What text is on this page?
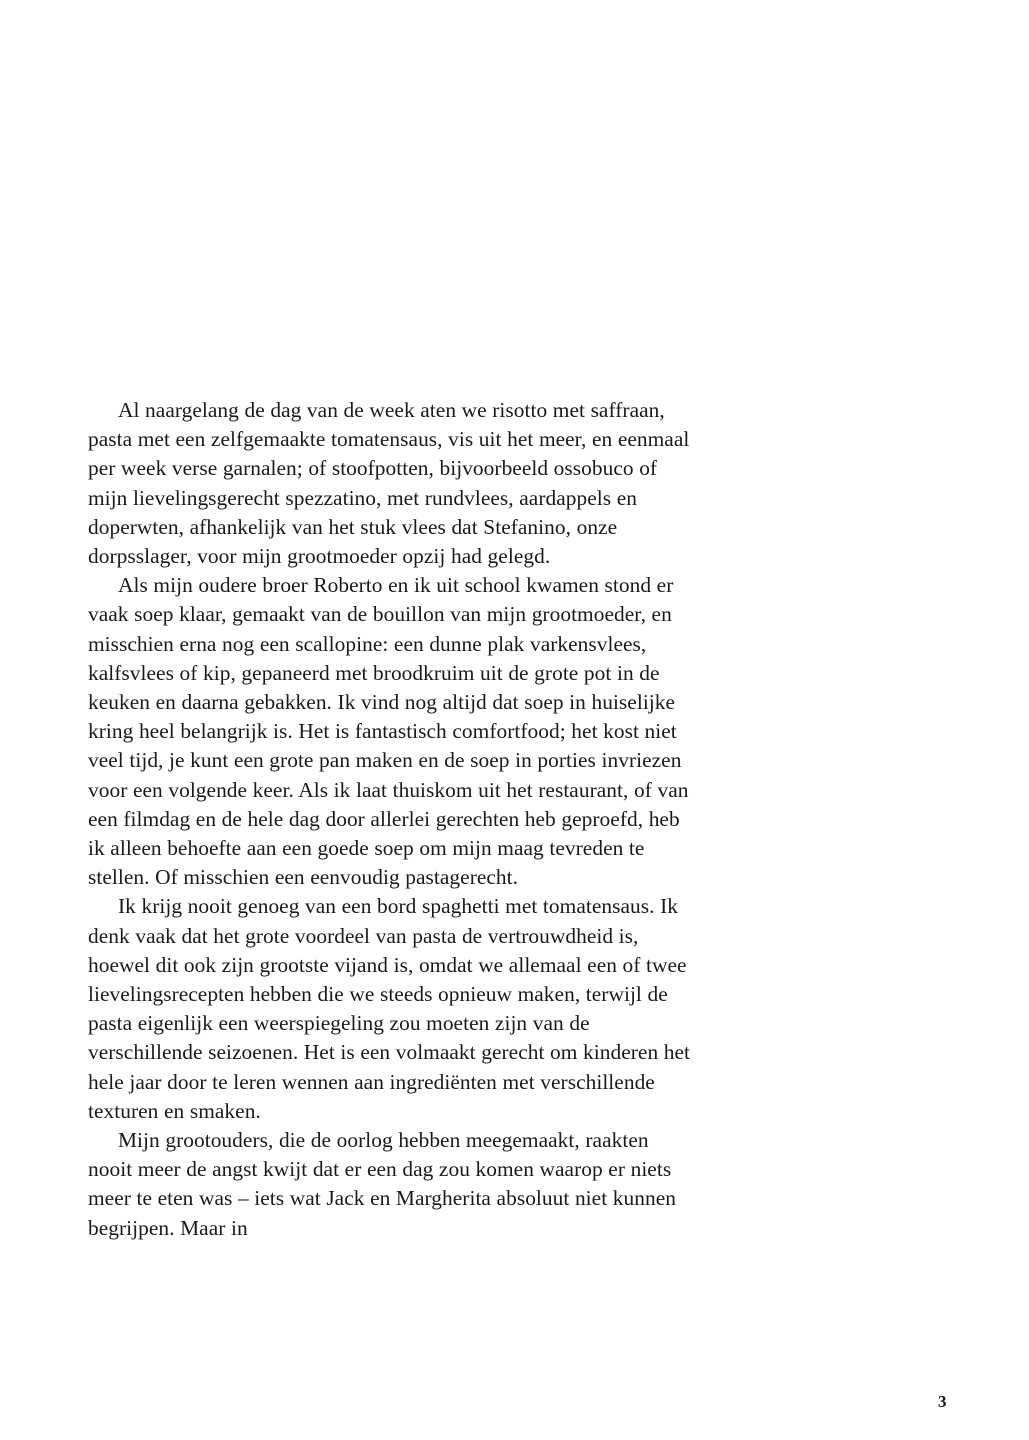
Al naargelang de dag van de week aten we risotto met saffraan, pasta met een zelfgemaakte tomatensaus, vis uit het meer, en eenmaal per week verse garnalen; of stoofpotten, bijvoorbeeld ossobuco of mijn lievelingsgerecht spezzatino, met rundvlees, aardappels en doperwten, afhankelijk van het stuk vlees dat Stefanino, onze dorpsslager, voor mijn grootmoeder opzij had gelegd.

Als mijn oudere broer Roberto en ik uit school kwamen stond er vaak soep klaar, gemaakt van de bouillon van mijn grootmoeder, en misschien erna nog een scallopine: een dunne plak varkensvlees, kalfsvlees of kip, gepaneerd met broodkruim uit de grote pot in de keuken en daarna gebakken. Ik vind nog altijd dat soep in huiselijke kring heel belangrijk is. Het is fantastisch comfortfood; het kost niet veel tijd, je kunt een grote pan maken en de soep in porties invriezen voor een volgende keer. Als ik laat thuiskom uit het restaurant, of van een filmdag en de hele dag door allerlei gerechten heb geproefd, heb ik alleen behoefte aan een goede soep om mijn maag tevreden te stellen. Of misschien een eenvoudig pastagerecht.

Ik krijg nooit genoeg van een bord spaghetti met tomatensaus. Ik denk vaak dat het grote voordeel van pasta de vertrouwdheid is, hoewel dit ook zijn grootste vijand is, omdat we allemaal een of twee lievelingsrecepten hebben die we steeds opnieuw maken, terwijl de pasta eigenlijk een weerspiegeling zou moeten zijn van de verschillende seizoenen. Het is een volmaakt gerecht om kinderen het hele jaar door te leren wennen aan ingrediënten met verschillende texturen en smaken.

Mijn grootouders, die de oorlog hebben meegemaakt, raakten nooit meer de angst kwijt dat er een dag zou komen waarop er niets meer te eten was – iets wat Jack en Margherita absoluut niet kunnen begrijpen. Maar in

3
